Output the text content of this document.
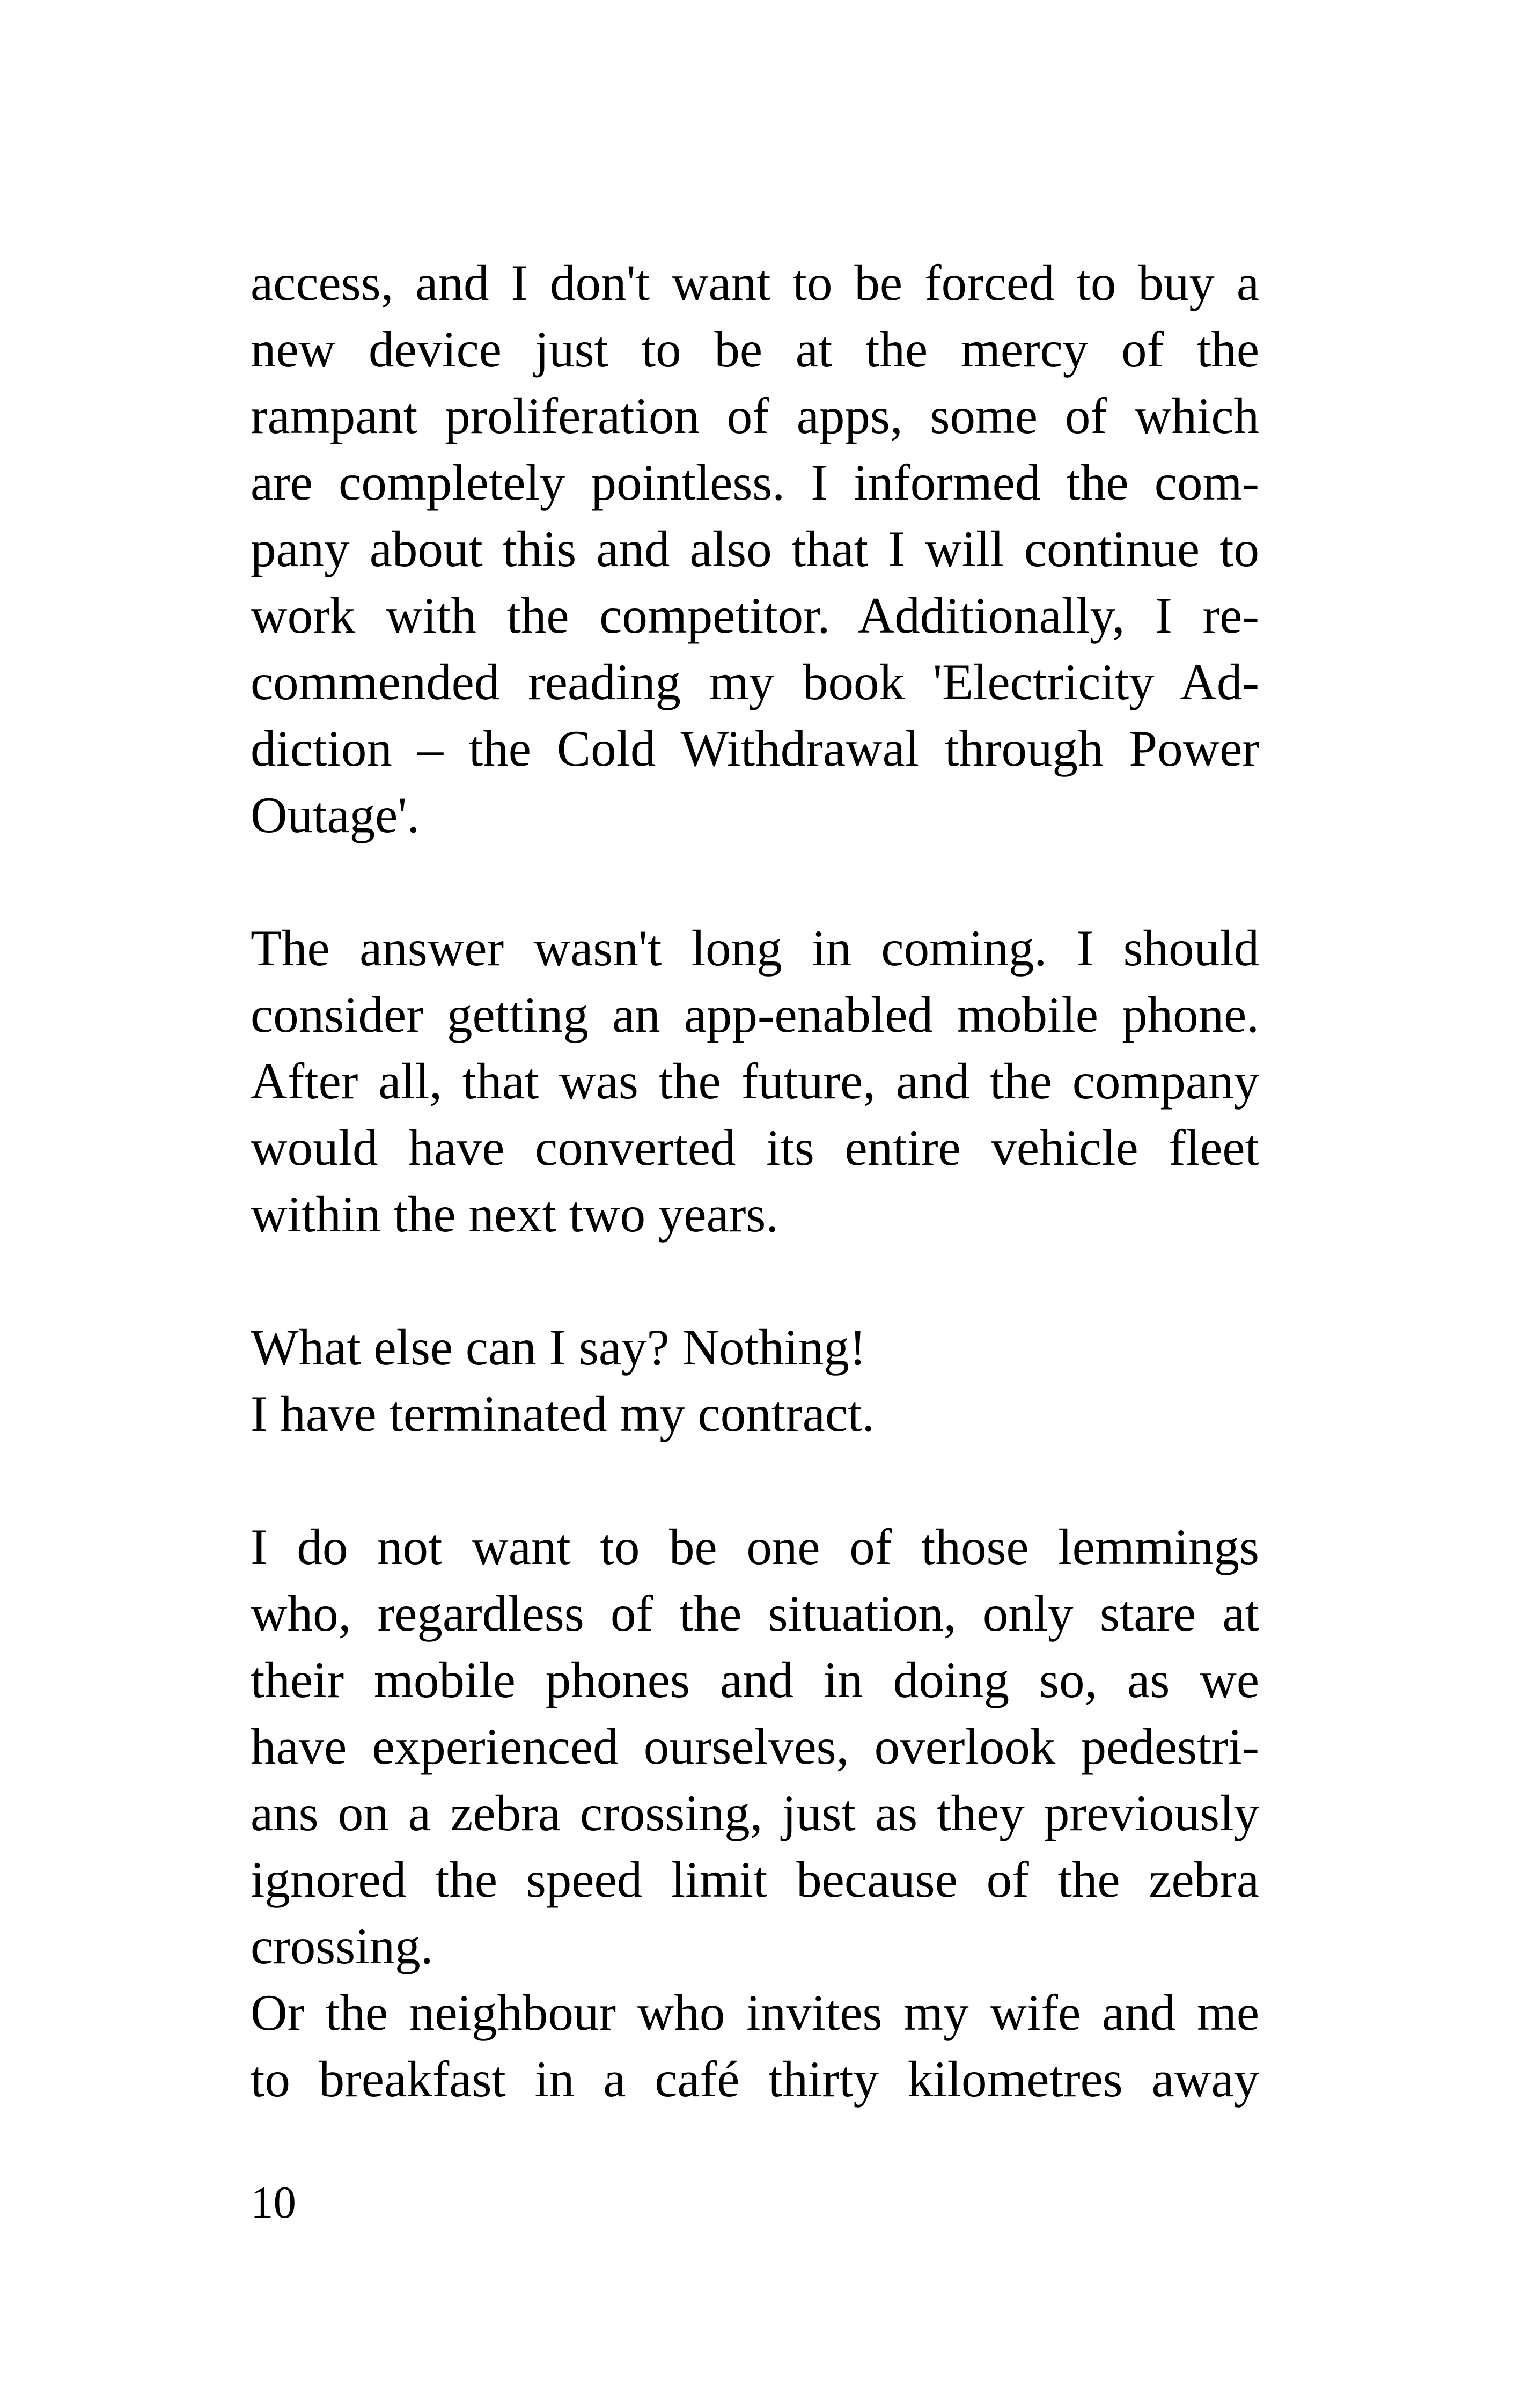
access, and I don't want to be forced to buy a
new device just to be at the mercy of the
rampant proliferation of apps, some of which
are completely pointless. I informed the com-
pany about this and also that I will continue to
work with the competitor. Additionally, I re-
commended reading my book 'Electricity Ad-
diction – the Cold Withdrawal through Power
Outage'.
The answer wasn't long in coming. I should
consider getting an app-enabled mobile phone.
After all, that was the future, and the company
would have converted its entire vehicle fleet
within the next two years.
What else can I say? Nothing!
I have terminated my contract.
I do not want to be one of those lemmings
who, regardless of the situation, only stare at
their mobile phones and in doing so, as we
have experienced ourselves, overlook pedestri-
ans on a zebra crossing, just as they previously
ignored the speed limit because of the zebra
crossing.
Or the neighbour who invites my wife and me
to breakfast in a café thirty kilometres away
10
